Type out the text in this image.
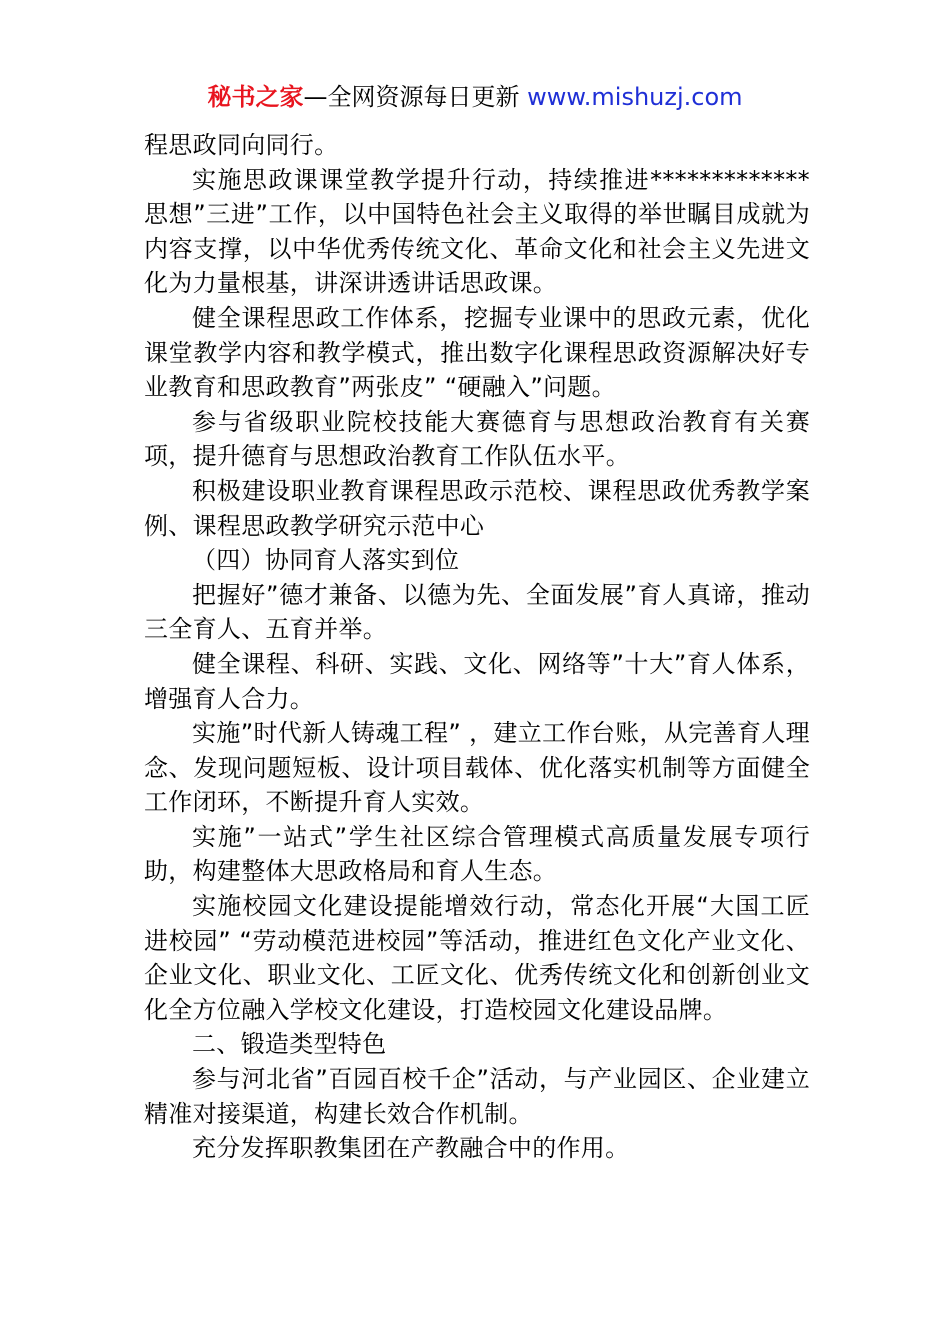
秘书之家—全网资源每日更新 www.mishuzj.com

程思政同向同行。

实施思政课课堂教学提升行动，持续推进*************思想”三进”工作，以中国特色社会主义取得的举世瞩目成就为内容支撑，以中华优秀传统文化、革命文化和社会主义先进文化为力量根基，讲深讲透讲话思政课。

健全课程思政工作体系，挖掘专业课中的思政元素，优化课堂教学内容和教学模式，推出数字化课程思政资源解决好专业教育和思政教育”两张皮” “硬融入”问题。

参与省级职业院校技能大赛德育与思想政治教育有关赛项，提升德育与思想政治教育工作队伍水平。

积极建设职业教育课程思政示范校、课程思政优秀教学案例、课程思政教学研究示范中心

（四）协同育人落实到位

把握好”德才兼备、以德为先、全面发展”育人真谛，推动三全育人、五育并举。

健全课程、科研、实践、文化、网络等”十大”育人体系，增强育人合力。

实施”时代新人铸魂工程” ，建立工作台账，从完善育人理念、发现问题短板、设计项目载体、优化落实机制等方面健全工作闭环，不断提升育人实效。

实施”一站式”学生社区综合管理模式高质量发展专项行助，构建整体大思政格局和育人生态。

实施校园文化建设提能增效行动，常态化开展“大国工匠进校园” “劳动模范进校园”等活动，推进红色文化产业文化、企业文化、职业文化、工匠文化、优秀传统文化和创新创业文化全方位融入学校文化建设，打造校园文化建设品牌。

二、锻造类型特色

参与河北省”百园百校千企”活动，与产业园区、企业建立精准对接渠道，构建长效合作机制。

充分发挥职教集团在产教融合中的作用。
